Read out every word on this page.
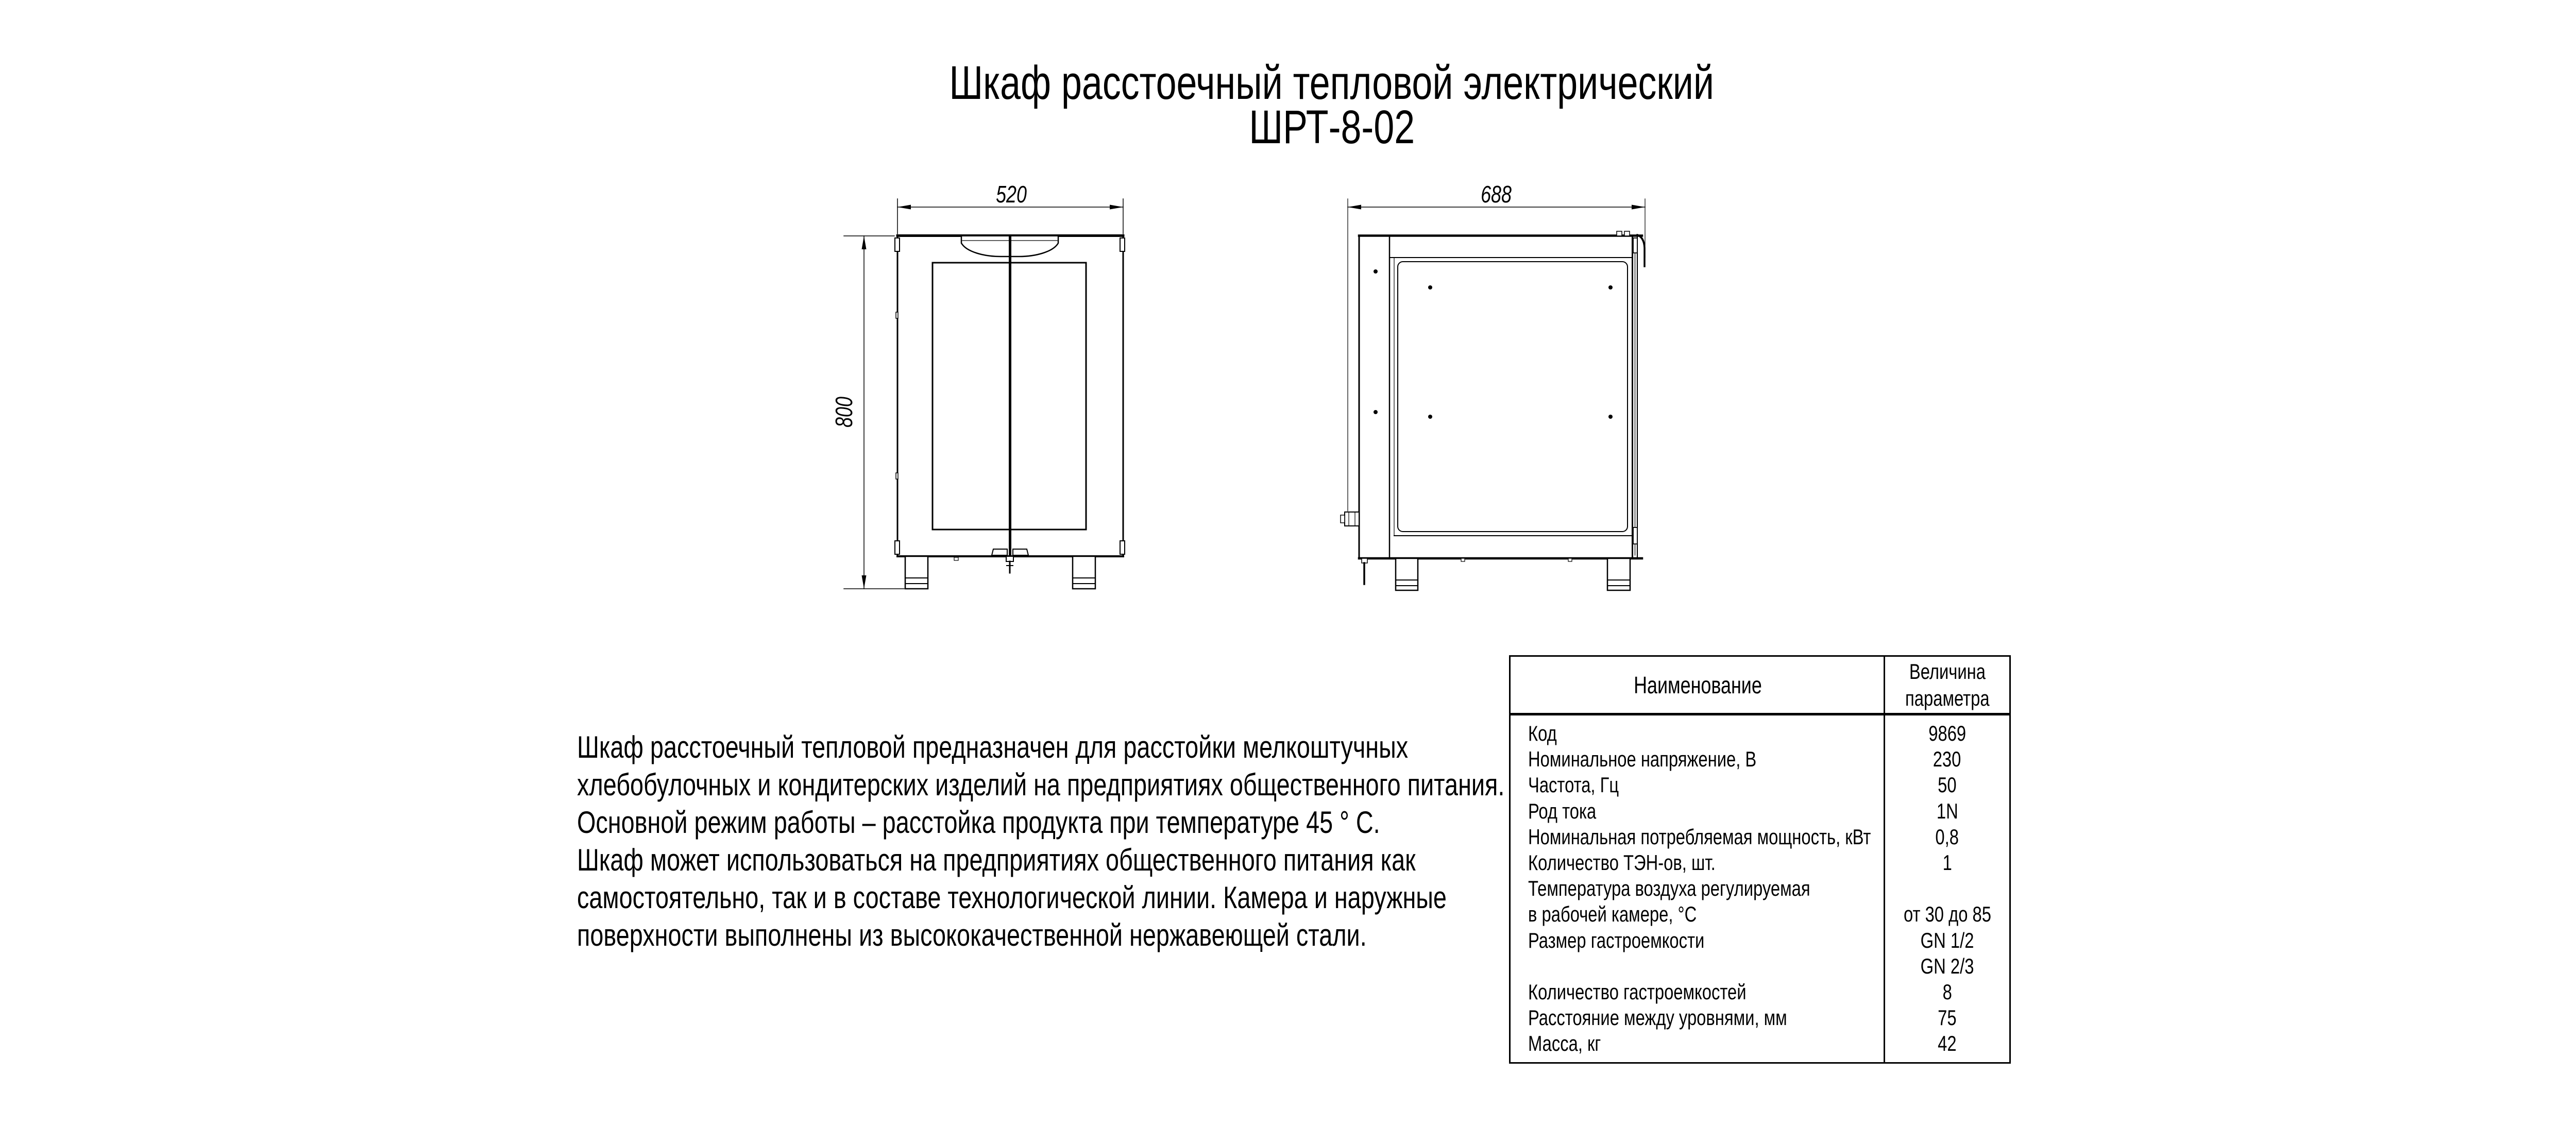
Шкаф расстоечный тепловой электрический
ШРТ-8-02
520
800
688
Шкаф расстоечный тепловой предназначен для расстойки мелкоштучных
хлебобулочных и кондитерских изделий на предприятиях общественного питания.
Основной режим работы – расстойка продукта при температуре 45 ° С.
Шкаф может использоваться на предприятиях общественного питания как
самостоятельно, так и в составе технологической линии. Камера и наружные
поверхности выполнены из высококачественной нержавеющей стали.
Наименование
Величина
параметра
Код	9869
Номинальное напряжение, В	230
Частота, Гц	50
Род тока	1N
Номинальная потребляемая мощность, кВт	0,8
Количество ТЭН-ов, шт.	1
Температура воздуха регулируемая
в рабочей камере, °С	от 30 до 85
Размер гастроемкости	GN 1/2
GN 2/3
Количество гастроемкостей	8
Расстояние между уровнями, мм	75
Масса, кг	42
